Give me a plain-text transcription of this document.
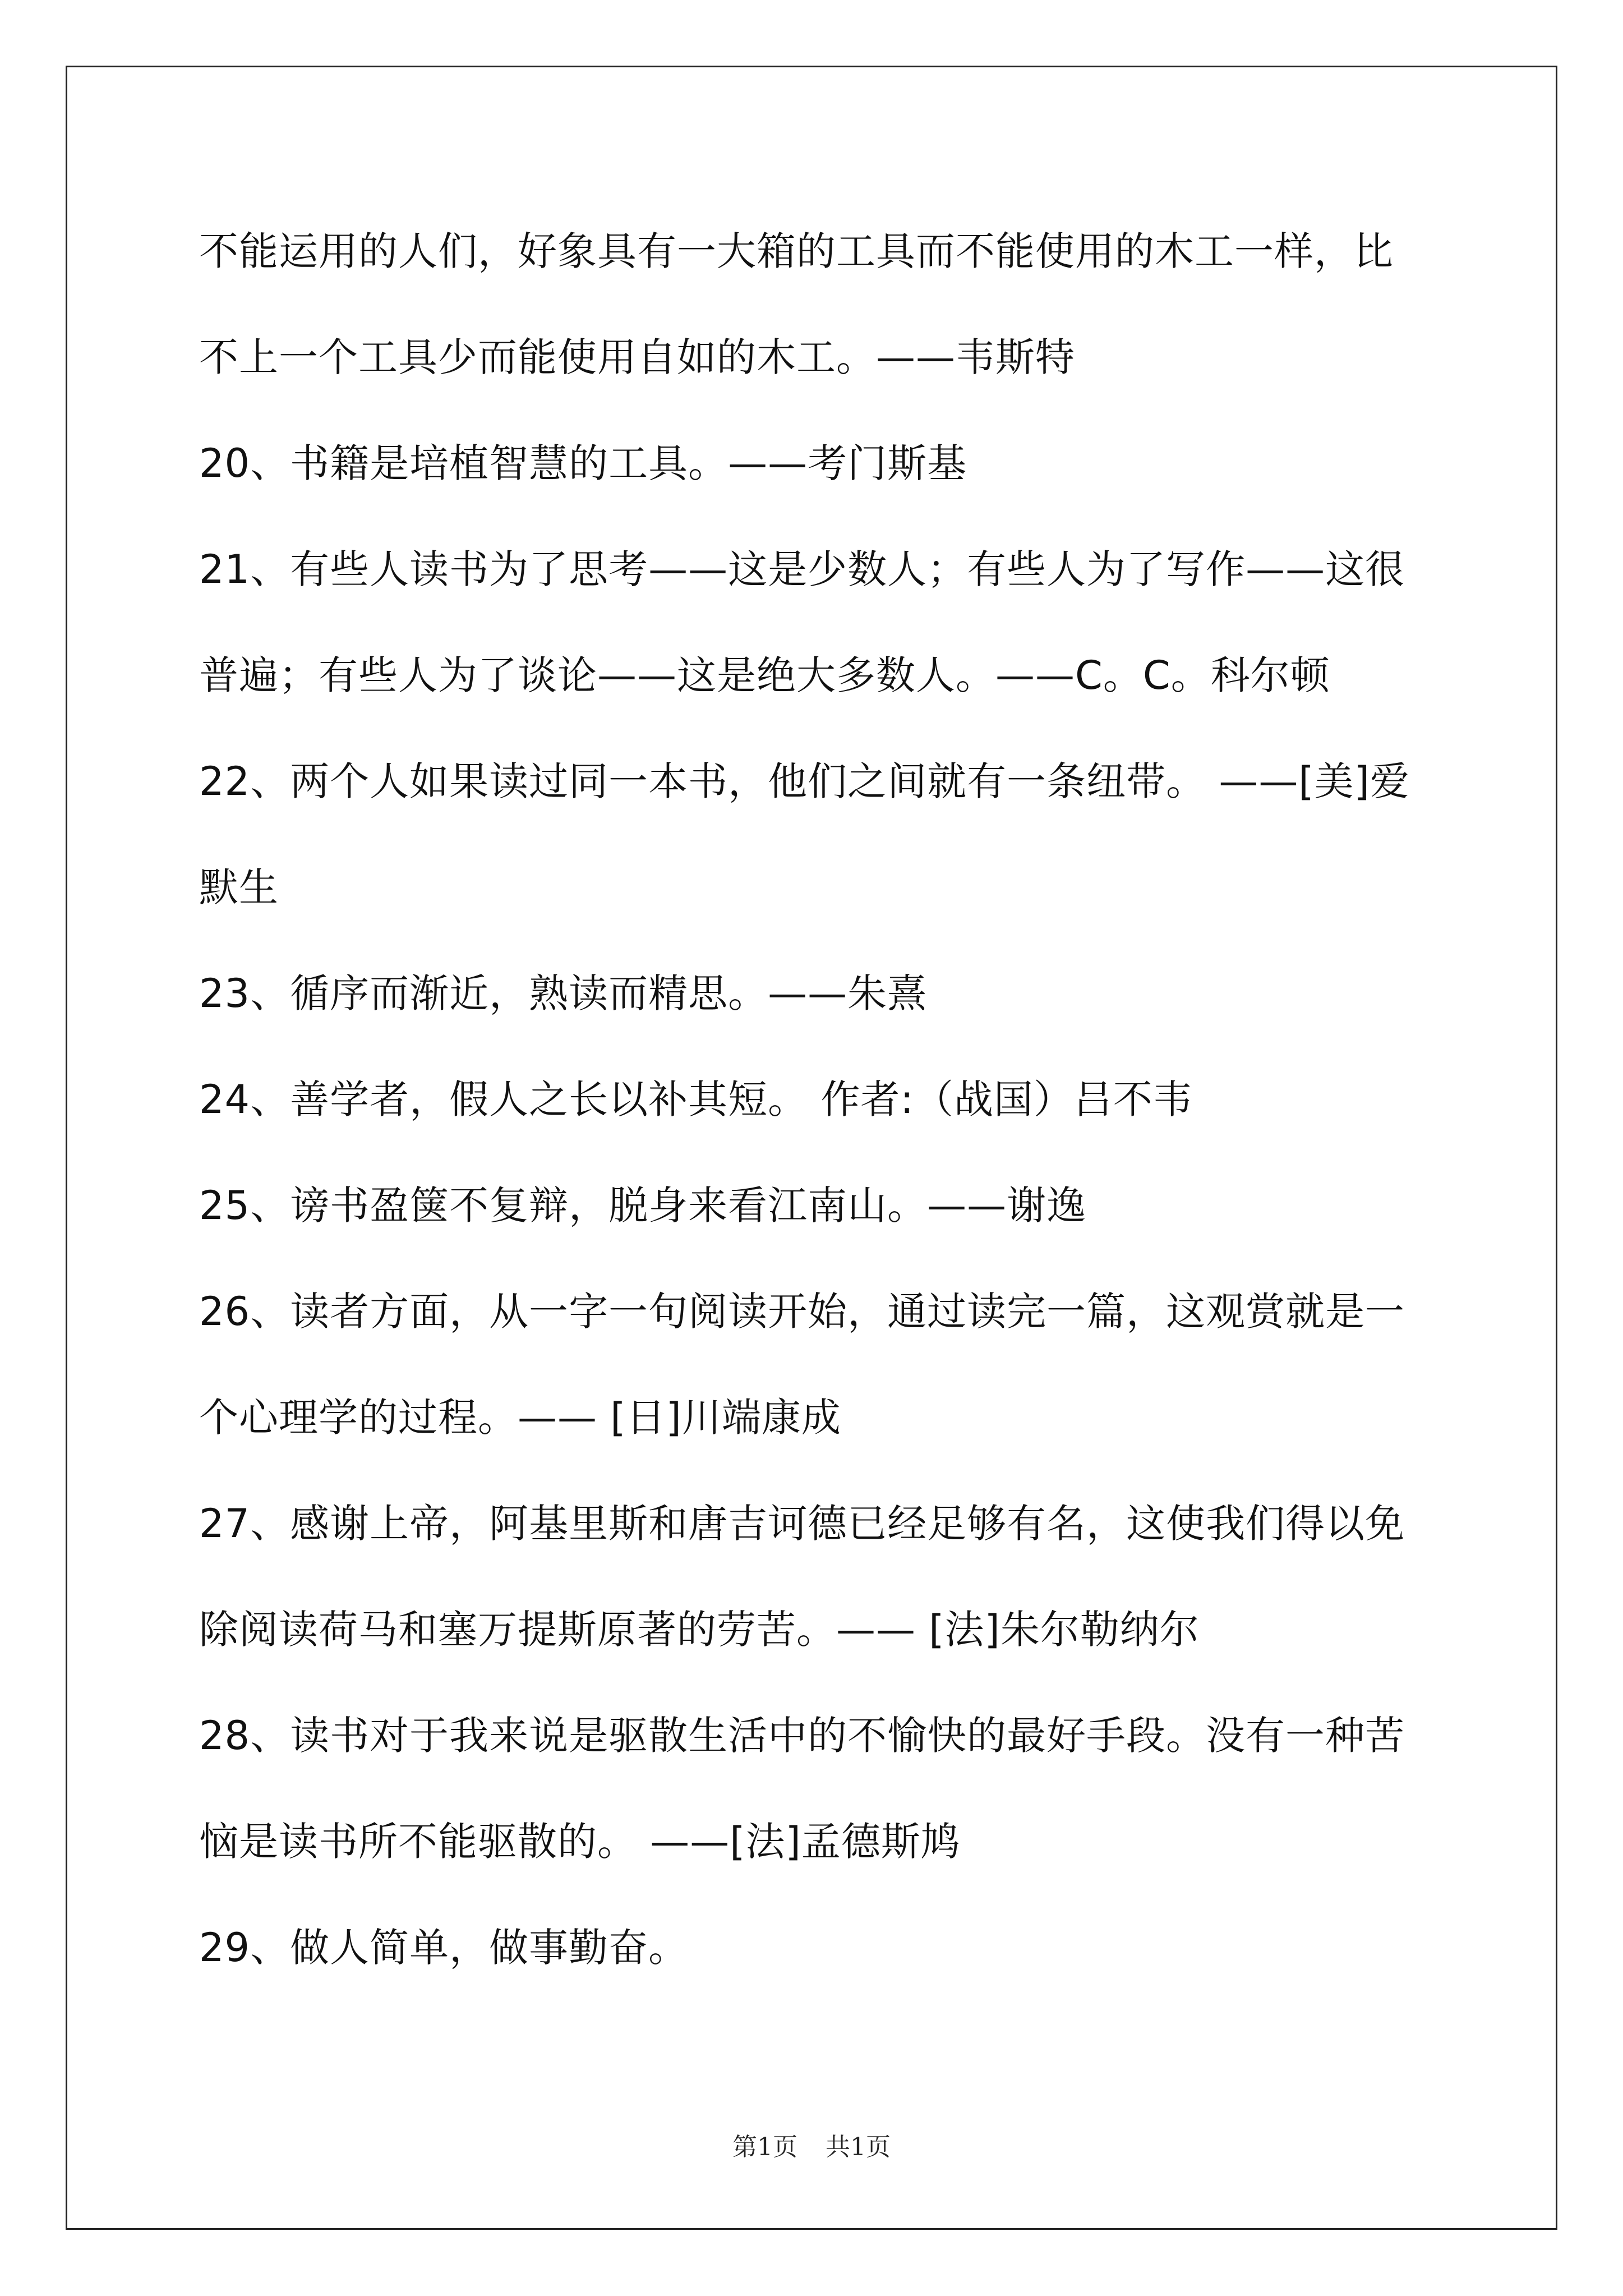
不能运用的人们，好象具有一大箱的工具而不能使用的木工一样，比
不上一个工具少而能使用自如的木工。——韦斯特
20、书籍是培植智慧的工具。——考门斯基
21、有些人读书为了思考——这是少数人；有些人为了写作——这很
普遍；有些人为了谈论——这是绝大多数人。——C。C。科尔顿
22、两个人如果读过同一本书，他们之间就有一条纽带。 ——[美]爱
默生
23、循序而渐近，熟读而精思。——朱熹
24、善学者，假人之长以补其短。 作者:（战国）吕不韦
25、谤书盈箧不复辩，脱身来看江南山。——谢逸
26、读者方面，从一字一句阅读开始，通过读完一篇，这观赏就是一
个心理学的过程。—— [日]川端康成
27、感谢上帝，阿基里斯和唐吉诃德已经足够有名，这使我们得以免
除阅读荷马和塞万提斯原著的劳苦。—— [法]朱尔勒纳尔
28、读书对于我来说是驱散生活中的不愉快的最好手段。没有一种苦
恼是读书所不能驱散的。 ——[法]孟德斯鸠
29、做人简单，做事勤奋。
第1页 共1页
